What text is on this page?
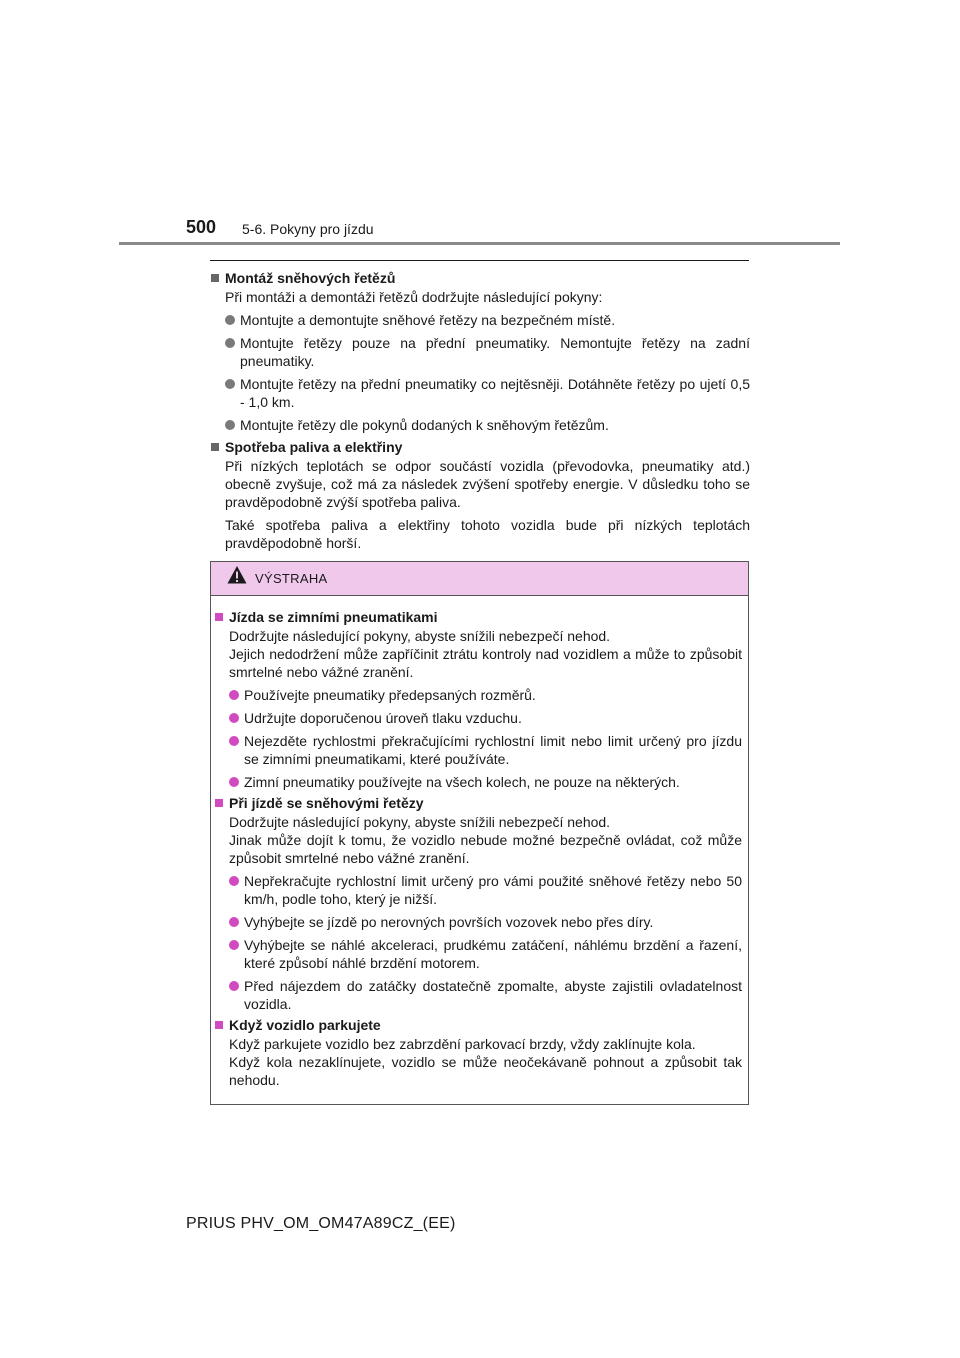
500 5-6. Pokyny pro jízdu
Montáž sněhových řetězů
Při montáži a demontáži řetězů dodržujte následující pokyny:
Montujte a demontujte sněhové řetězy na bezpečném místě.
Montujte řetězy pouze na přední pneumatiky. Nemontujte řetězy na zadní pneumatiky.
Montujte řetězy na přední pneumatiky co nejtěsněji. Dotáhněte řetězy po ujetí 0,5 - 1,0 km.
Montujte řetězy dle pokynů dodaných k sněhovým řetězům.
Spotřeba paliva a elektřiny
Při nízkých teplotách se odpor součástí vozidla (převodovka, pneumatiky atd.) obecně zvyšuje, což má za následek zvýšení spotřeby energie. V důsledku toho se pravděpodobně zvýší spotřeba paliva.
Také spotřeba paliva a elektřiny tohoto vozidla bude při nízkých teplotách pravděpodobně horší.
VÝSTRAHA
Jízda se zimními pneumatikami
Dodržujte následující pokyny, abyste snížili nebezpečí nehod.
Jejich nedodržení může zapříčinit ztrátu kontroly nad vozidlem a může to způsobit smrtelné nebo vážné zranění.
Používejte pneumatiky předepsaných rozměrů.
Udržujte doporučenou úroveň tlaku vzduchu.
Nejezděte rychlostmi překračujícími rychlostní limit nebo limit určený pro jízdu se zimními pneumatikami, které používáte.
Zimní pneumatiky používejte na všech kolech, ne pouze na některých.
Při jízdě se sněhovými řetězy
Dodržujte následující pokyny, abyste snížili nebezpečí nehod.
Jinak může dojít k tomu, že vozidlo nebude možné bezpečně ovládat, což může způsobit smrtelné nebo vážné zranění.
Nepřekračujte rychlostní limit určený pro vámi použité sněhové řetězy nebo 50 km/h, podle toho, který je nižší.
Vyhýbejte se jízdě po nerovných površích vozovek nebo přes díry.
Vyhýbejte se náhlé akceleraci, prudkému zatáčení, náhlému brzdění a řazení, které způsobí náhlé brzdění motorem.
Před nájezdem do zatáčky dostatečně zpomalte, abyste zajistili ovladatelnost vozidla.
Když vozidlo parkujete
Když parkujete vozidlo bez zabrzdění parkovací brzdy, vždy zaklínujte kola.
Když kola nezaklínujete, vozidlo se může neočekávaně pohnout a způsobit tak nehodu.
PRIUS PHV_OM_OM47A89CZ_(EE)
